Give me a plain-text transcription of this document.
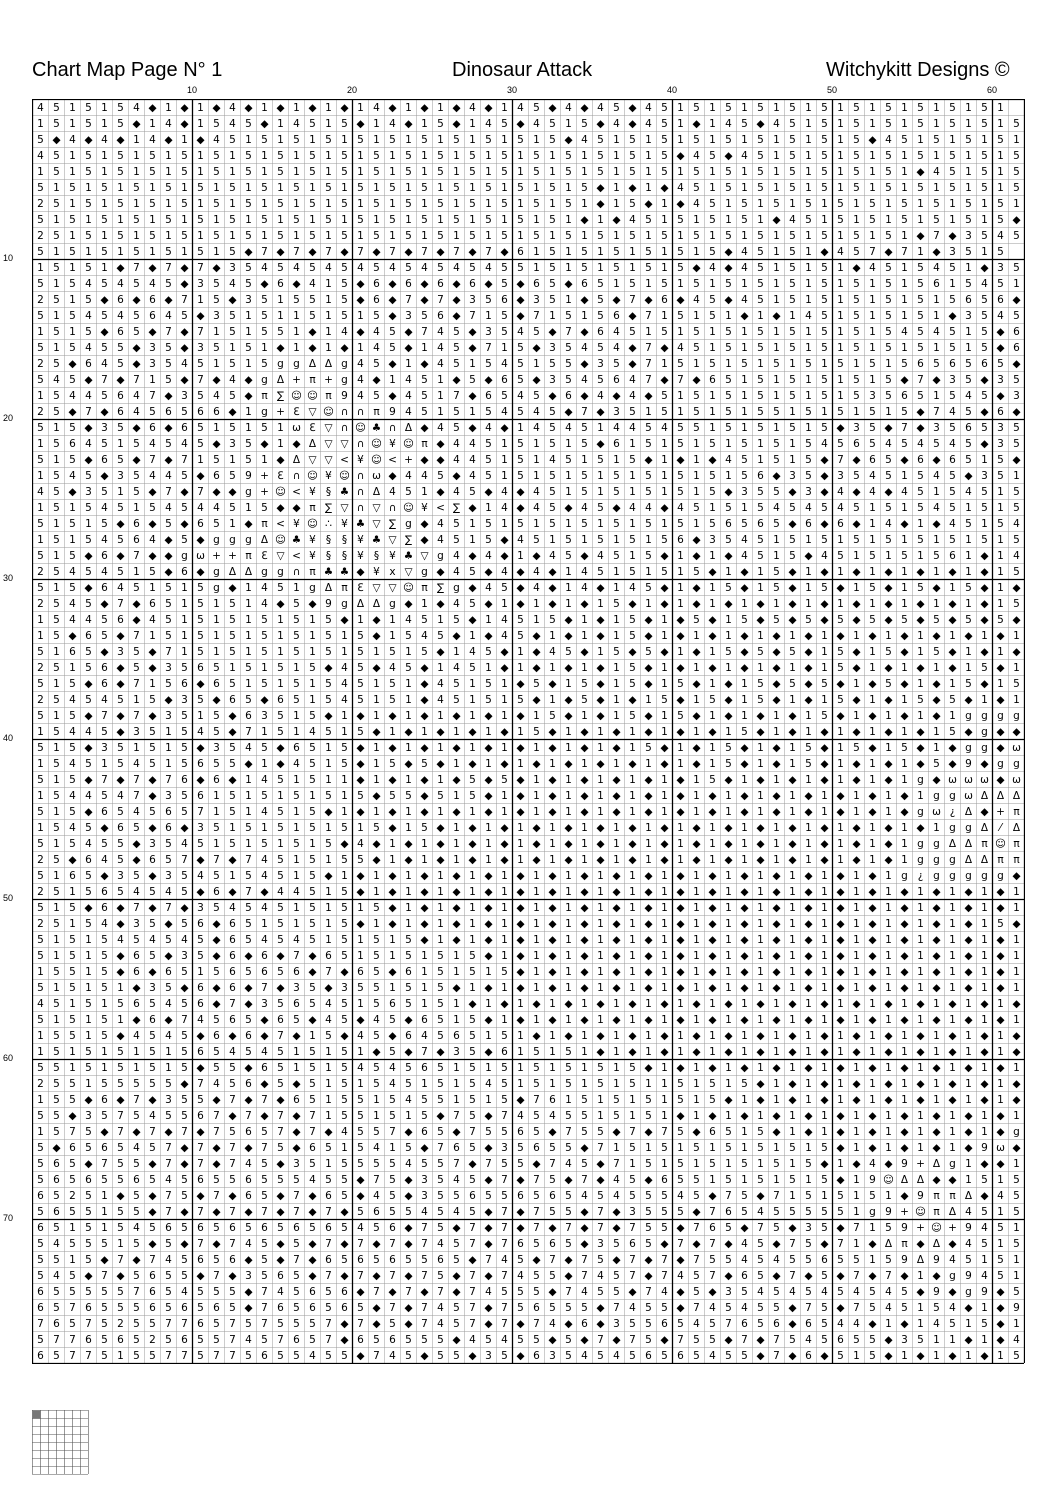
Chart Map Page N° 1	Dinosaur Attack	Witchykitt Designs ©
10	20	30	40	50	60
10
20
30
40
50
60
70
4 5 1 5 1 5 4 ◆ 1 ◆ 1 ◆ 4 ◆ 1 ◆ 1 ◆ 1 ◆ 1 4 ◆ 1 ◆ 1 ◆ 4 ◆ 1 4 5 ◆ 4 ◆ 4 5 ◆ 4 5 1 5 1 5 1 5 1 5 1 5 1 5 1 5 1 5 1 5 1 5 1
1 5 1 5 1 5 ◆ 1 4 ◆ 1 5 4 5 ◆ 1 4 5 1 5 ◆ 1 4 ◆ 1 5 ◆ 1 4 5 ◆ 4 5 1 5 ◆ 4 ◆ 4 5 1 ◆ 1 4 5 ◆ 4 5 1 5 1 5 1 5 1 5 1 5 1 5 1 5
5 ◆ 4 ◆ 4 ◆ 1 4 ◆ 1 ◆ 4 5 1 5 1 5 1 5 1 5 1 5 1 5 1 5 1 5 1 5 1 5 ◆ 4 5 1 5 1 5 1 5 1 5 1 5 1 5 1 5 1 5 ◆ 4 5 1 5 1 5 1 5 1
4 5 1 5 1 5 1 5 1 5 1 5 1 5 1 5 1 5 1 5 1 5 1 5 1 5 1 5 1 5 1 5 1 5 1 5 1 5 1 5 ◆ 4 5 ◆ 4 5 1 5 1 5 1 5 1 5 1 5 1 5 1 5 1 5
1 5 1 5 1 5 1 5 1 5 1 5 1 5 1 5 1 5 1 5 1 5 1 5 1 5 1 5 1 5 1 5 1 5 1 5 1 5 1 5 1 5 1 5 1 5 1 5 1 5 1 5 1 5 1 ◆ 4 5 1 5 1 5
5 1 5 1 5 1 5 1 5 1 5 1 5 1 5 1 5 1 5 1 5 1 5 1 5 1 5 1 5 1 5 1 5 1 5 ◆ 1 ◆ 1 ◆ 4 5 1 5 1 5 1 5 1 5 1 5 1 5 1 5 1 5 1 5 1 5
2 5 1 5 1 5 1 5 1 5 1 5 1 5 1 5 1 5 1 5 1 5 1 5 1 5 1 5 1 5 1 5 1 5 1 ◆ 1 5 ◆ 1 ◆ 4 5 1 5 1 5 1 5 1 5 1 5 1 5 1 5 1 5 1 5 1
5 1 5 1 5 1 5 1 5 1 5 1 5 1 5 1 5 1 5 1 5 1 5 1 5 1 5 1 5 1 5 1 5 1 ◆ 1 ◆ 4 5 1 5 1 5 1 5 1 ◆ 4 5 1 5 1 5 1 5 1 5 1 5 1 5 ◆
2 5 1 5 1 5 1 5 1 5 1 5 1 5 1 5 1 5 1 5 1 5 1 5 1 5 1 5 1 5 1 5 1 5 1 5 1 5 1 5 1 5 1 5 1 5 1 5 1 5 1 5 1 5 1 ◆ 7 ◆ 3 5 4 5
5 1 5 1 5 1 5 1 5 1 5 1 5 ◆ 7 ◆ 7 ◆ 7 ◆ 7 ◆ 7 ◆ 7 ◆ 7 ◆ 7 ◆ 6 1 5 1 5 1 5 1 5 1 5 1 5 ◆ 4 5 1 5 1 ◆ 4 5 7 ◆ 7 1 ◆ 3 5 1 5
1 5 1 5 1 ◆ 7 ◆ 7 ◆ 7 ◆ 3 5 4 5 4 5 4 5 4 5 4 5 4 5 4 5 4 5 5 1 5 1 5 1 5 1 5 1 5 ◆ 4 ◆ 4 5 1 5 1 5 1 ◆ 4 5 1 5 4 5 1 ◆ 3 5
5 1 5 4 5 4 5 4 5 ◆ 3 5 4 5 ◆ 6 ◆ 4 1 5 ◆ 6 ◆ 6 ◆ 6 ◆ 6 ◆ 5 ◆ 6 5 ◆ 6 5 1 5 1 5 1 5 1 5 1 5 1 5 1 5 1 5 1 5 1 5 6 1 5 4 5 1
2 5 1 5 ◆ 6 ◆ 6 ◆ 7 1 5 ◆ 3 5 1 5 5 1 5 ◆ 6 ◆ 7 ◆ 7 ◆ 3 5 6 ◆ 3 5 1 ◆ 5 ◆ 7 ◆ 6 ◆ 4 5 ◆ 4 5 1 5 1 5 1 5 1 5 1 5 1 5 6 5 6 ◆
5 1 5 4 5 4 5 6 4 5 ◆ 3 5 1 5 1 1 5 1 5 1 5 ◆ 3 5 6 ◆ 7 1 5 ◆ 7 1 5 1 5 6 ◆ 7 1 5 1 5 1 ◆ 1 ◆ 1 4 5 1 5 1 5 1 5 1 ◆ 3 5 4 5
1 5 1 5 ◆ 6 5 ◆ 7 ◆ 7 1 5 1 5 5 1 ◆ 1 4 ◆ 4 5 ◆ 7 4 5 ◆ 3 5 4 5 ◆ 7 ◆ 6 4 5 1 5 1 5 1 5 1 5 1 5 1 5 1 5 1 5 4 5 4 5 1 5 ◆ 6
5 1 5 4 5 5 ◆ 3 5 ◆ 3 5 1 5 1 ◆ 1 ◆ 1 ◆ 1 4 5 ◆ 1 4 5 ◆ 7 1 5 ◆ 3 5 4 5 4 ◆ 7 ◆ 4 5 1 5 1 5 1 5 1 5 1 5 1 5 1 5 1 5 1 5 ◆ 6
2 5 ◆ 6 4 5 ◆ 3 5 4 5 1 5 1 5 g g Δ Δ g 4 5 ◆ 1 ◆ 4 5 1 5 4 5 1 5 5 ◆ 3 5 ◆ 7 1 5 1 5 1 5 1 5 1 5 1 5 1 5 1 5 6 5 6 5 6 5 ◆
5 4 5 ◆ 7 ◆ 7 1 5 ◆ 7 ◆ 4 ◆ g Δ + π + g 4 ◆ 1 4 5 1 ◆ 5 ◆ 6 5 ◆ 3 5 4 5 6 4 7 ◆ 7 ◆ 6 5 1 5 1 5 1 5 1 5 1 5 ◆ 7 ◆ 3 5 ◆ 3 5
1 5 4 4 5 6 4 7 ◆ 3 5 4 5 ◆ π ∑ ☺ ☺ π 9 4 5 ◆ 4 5 1 7 ◆ 6 5 4 5 ◆ 6 ◆ 4 ◆ 4 ◆ 5 1 5 1 5 1 5 1 5 1 5 1 5 3 5 6 5 1 5 4 5 ◆ 3
2 5 ◆ 7 ◆ 6 4 5 6 5 6 6 ◆ 1 g + ℇ ▽ ☺ ∩ ∩ π 9 4 5 1 5 1 5 4 5 4 5 ◆ 7 ◆ 3 5 1 5 1 5 1 5 1 5 5 1 5 1 5 1 5 1 5 ◆ 7 4 5 ◆ 6 ◆
5 1 5 ◆ 3 5 ◆ 6 ◆ 6 5 1 5 1 5 1 ω ℇ ▽ ∩ ☺ ♣ ∩ Δ ◆ 4 5 ◆ 4 ◆ 1 4 5 4 5 1 4 4 5 4 5 5 1 5 1 5 1 5 1 5 ◆ 3 5 ◆ 7 ◆ 3 5 6 5 3 5
1 5 6 4 5 1 5 4 5 4 5 ◆ 3 5 ◆ 1 ◆ Δ ▽ ▽ ∩ ☺ ¥ ☺ π ◆ 4 4 5 1 5 1 5 1 5 ◆ 6 1 5 1 5 1 5 1 5 1 5 1 5 4 5 6 5 4 5 4 5 4 5 ◆ 3 5
5 1 5 ◆ 6 5 ◆ 7 ◆ 7 1 5 1 5 1 ◆ Δ ▽ ▽ < ¥ ☺ < + ◆ ◆ 4 4 5 1 5 1 4 5 1 5 1 5 ◆ 1 ◆ 1 ◆ 4 5 1 5 1 5 ◆ 7 ◆ 6 5 ◆ 6 ◆ 6 5 1 5 ◆
1 5 4 5 ◆ 3 5 4 4 5 ◆ 6 5 9 + ℇ ∩ ☺ ¥ ☺ ∩ ω ◆ 4 4 5 ◆ 4 5 1 5 1 5 1 5 1 5 1 5 1 5 1 5 1 5 6 ◆ 3 5 ◆ 3 5 4 5 1 5 4 5 ◆ 3 5 1
4 5 ◆ 3 5 1 5 ◆ 7 ◆ 7 ◆ ◆ g + ☺ < ¥ § ♣ ∩ Δ 4 5 1 ◆ 4 5 ◆ 4 ◆ 4 5 1 5 1 5 1 5 1 5 1 5 ◆ 3 5 5 ◆ 3 ◆ 4 ◆ 4 ◆ 4 5 1 5 4 5 1 5
1 5 1 5 4 5 1 5 4 5 4 4 5 1 5 ◆ ◆ π ∑ ▽ ∩ ▽ ∩ ☺ ¥ < ∑ ◆ 1 4 ◆ 4 5 ◆ 4 5 ◆ 4 4 ◆ 4 5 1 5 1 5 4 5 4 5 4 5 1 5 1 5 4 5 1 5 1 5
5 1 5 1 5 ◆ 6 ◆ 5 ◆ 6 5 1 ◆ π < ¥ ☺ ∴ ¥ ♣ ▽ ∑ g ◆ 4 5 1 5 1 5 1 5 1 5 1 5 1 5 1 5 1 5 6 5 6 5 ◆ 6 ◆ 6 ◆ 1 4 ◆ 1 ◆ 4 5 1 5 4
1 5 1 5 4 5 6 4 ◆ 5 ◆ g g g Δ ☺ ♣ ¥ § § ¥ ♣ ▽ ∑ ◆ 4 5 1 5 ◆ 4 5 1 5 1 5 1 5 1 5 6 ◆ 3 5 4 5 1 5 1 5 1 5 1 5 1 5 1 5 1 5 1 5
5 1 5 ◆ 6 ◆ 7 ◆ ◆ g ω + + π ℇ ▽ < ¥ § § ¥ § ¥ ♣ ▽ g 4 ◆ 4 ◆ 1 ◆ 4 5 ◆ 4 5 1 5 ◆ 1 ◆ 1 ◆ 4 5 1 5 ◆ 4 5 1 5 1 5 1 5 6 1 ◆ 1 4
2 5 4 5 4 5 1 5 ◆ 6 ◆ g Δ Δ g g ∩ π ♣ ♣ ◆ ¥ x ▽ g ◆ 4 5 ◆ 4 ◆ 4 ◆ 1 4 5 1 5 1 5 1 5 ◆ 1 ◆ 1 5 ◆ 1 ◆ 1 ◆ 1 ◆ 1 ◆ 1 ◆ 1 ◆ 1 5
5 1 5 ◆ 6 4 5 1 5 1 5 g ◆ 1 4 5 1 g Δ π ℇ ▽ ▽ ☺ π ∑ g ◆ 4 5 ◆ 4 ◆ 1 4 ◆ 1 4 5 ◆ 1 ◆ 1 5 ◆ 1 5 ◆ 1 5 ◆ 1 5 ◆ 1 5 ◆ 1 5 ◆ 1 ◆
2 5 4 5 ◆ 7 ◆ 6 5 1 5 1 5 1 4 ◆ 5 ◆ 9 g Δ Δ g ◆ 1 ◆ 4 5 ◆ 1 ◆ 1 ◆ 1 ◆ 1 5 ◆ 1 ◆ 1 ◆ 1 ◆ 1 ◆ 1 ◆ 1 ◆ 1 ◆ 1 ◆ 1 ◆ 1 ◆ 1 ◆ 1 5
1 5 4 4 5 6 ◆ 4 5 1 5 1 5 1 5 1 5 1 5 ◆ 1 ◆ 1 4 5 1 5 ◆ 1 4 5 1 5 ◆ 1 ◆ 1 5 ◆ 1 ◆ 5 ◆ 1 5 ◆ 5 ◆ 5 ◆ 5 ◆ 5 ◆ 5 ◆ 5 ◆ 5 ◆ 5 ◆
1 5 ◆ 6 5 ◆ 7 1 5 1 5 1 5 1 5 1 5 1 5 1 5 ◆ 1 5 4 5 ◆ 1 ◆ 4 5 ◆ 1 ◆ 1 ◆ 1 5 ◆ 1 ◆ 1 ◆ 1 ◆ 1 ◆ 1 ◆ 1 ◆ 1 ◆ 1 ◆ 1 ◆ 1 ◆ 1 ◆ 1
5 1 6 5 ◆ 3 5 ◆ 7 1 5 1 5 1 5 1 5 1 5 1 5 1 5 1 5 ◆ 1 4 5 ◆ 1 ◆ 4 5 ◆ 1 5 ◆ 5 ◆ 1 ◆ 1 5 ◆ 5 ◆ 5 ◆ 1 5 ◆ 1 5 ◆ 1 5 ◆ 1 ◆ 1 ◆
2 5 1 5 6 ◆ 5 ◆ 3 5 6 5 1 5 1 5 1 5 ◆ 4 5 ◆ 4 5 ◆ 1 4 5 1 ◆ 1 ◆ 1 ◆ 1 ◆ 1 5 ◆ 1 ◆ 1 ◆ 1 ◆ 1 ◆ 1 ◆ 1 5 ◆ 1 ◆ 1 ◆ 1 ◆ 1 5 ◆ 1
5 1 5 ◆ 6 ◆ 7 1 5 6 ◆ 6 5 1 5 1 5 1 5 4 5 1 5 1 ◆ 4 5 1 5 1 ◆ 5 ◆ 1 5 ◆ 1 5 ◆ 1 5 ◆ 1 ◆ 1 5 ◆ 5 ◆ 5 ◆ 1 ◆ 5 ◆ 1 ◆ 1 5 ◆ 1 5
2 5 4 5 4 5 1 5 ◆ 3 5 ◆ 6 5 ◆ 6 5 1 5 4 5 1 5 1 ◆ 4 5 1 5 1 5 ◆ 1 ◆ 5 ◆ 1 ◆ 1 5 ◆ 1 5 ◆ 1 5 ◆ 1 ◆ 1 5 ◆ 1 ◆ 1 5 ◆ 5 ◆ 1 ◆ 1
5 1 5 ◆ 7 ◆ 7 ◆ 3 5 1 5 ◆ 6 3 5 1 5 ◆ 1 ◆ 1 ◆ 1 ◆ 1 ◆ 1 ◆ 1 ◆ 1 5 ◆ 1 ◆ 1 5 ◆ 1 5 ◆ 1 ◆ 1 ◆ 1 ◆ 1 5 ◆ 1 ◆ 1 ◆ 1 ◆ 1 g g g g
1 5 4 4 5 ◆ 3 5 1 5 4 5 ◆ 7 1 5 1 4 5 1 5 ◆ 1 ◆ 1 ◆ 1 ◆ 1 ◆ 1 5 ◆ 1 ◆ 1 ◆ 1 ◆ 1 ◆ 1 ◆ 1 5 ◆ 1 ◆ 1 ◆ 1 ◆ 1 ◆ 1 ◆ 1 5 ◆ g ◆ ◆
5 1 5 ◆ 3 5 1 5 1 5 ◆ 3 5 4 5 ◆ 6 5 1 5 ◆ 1 ◆ 1 ◆ 1 ◆ 1 ◆ 1 ◆ 1 ◆ 1 ◆ 1 ◆ 1 5 ◆ 1 ◆ 1 5 ◆ 1 ◆ 1 5 ◆ 1 5 ◆ 1 5 ◆ 1 ◆ g g ◆ ω
1 5 4 5 1 5 4 5 1 5 6 5 5 ◆ 1 ◆ 4 5 1 5 ◆ 1 5 ◆ 5 ◆ 1 ◆ 1 ◆ 1 ◆ 1 ◆ 1 ◆ 1 ◆ 1 ◆ 1 ◆ 1 5 ◆ 1 ◆ 1 5 ◆ 1 ◆ 1 ◆ 1 ◆ 5 ◆ 9 ◆ g g
5 1 5 ◆ 7 ◆ 7 ◆ 7 6 ◆ 6 ◆ 1 4 5 1 5 1 1 ◆ 1 ◆ 1 ◆ 1 ◆ 5 ◆ 5 ◆ 1 ◆ 1 ◆ 1 ◆ 1 ◆ 1 ◆ 1 5 ◆ 1 ◆ 1 ◆ 1 ◆ 1 ◆ 1 ◆ 1 g ◆ ω ω ω ◆ ω
1 5 4 4 5 4 7 ◆ 3 5 6 1 5 1 5 1 5 1 5 1 5 ◆ 5 5 ◆ 5 1 5 ◆ 1 ◆ 1 ◆ 1 ◆ 1 ◆ 1 ◆ 1 ◆ 1 ◆ 1 ◆ 1 ◆ 1 ◆ 1 ◆ 1 ◆ 1 ◆ 1 g g ω Δ Δ Δ
5 1 5 ◆ 6 5 4 5 6 5 7 1 5 1 4 5 1 5 ◆ 1 ◆ 1 ◆ 1 ◆ 1 ◆ 1 ◆ 1 ◆ 1 ◆ 1 ◆ 1 ◆ 1 ◆ 1 ◆ 1 ◆ 1 ◆ 1 ◆ 1 ◆ 1 ◆ 1 ◆ 1 ◆ g ω ¿ Δ ◆ + π
1 5 4 5 ◆ 6 5 ◆ 6 ◆ 3 5 1 5 1 5 1 5 1 5 1 5 ◆ 1 5 ◆ 1 ◆ 1 ◆ 1 ◆ 1 ◆ 1 ◆ 1 ◆ 1 ◆ 1 ◆ 1 ◆ 1 ◆ 1 ◆ 1 ◆ 1 ◆ 1 ◆ 1 ◆ 1 g g Δ ⁄ Δ
5 1 5 4 5 5 ◆ 3 5 4 5 1 5 1 5 1 5 1 5 ◆ 4 ◆ 1 ◆ 1 ◆ 1 ◆ 1 ◆ 1 ◆ 1 ◆ 1 ◆ 1 ◆ 1 ◆ 1 ◆ 1 ◆ 1 ◆ 1 ◆ 1 ◆ 1 ◆ 1 ◆ 1 g g Δ Δ π ☺ π
2 5 ◆ 6 4 5 ◆ 6 5 7 ◆ 7 ◆ 7 4 5 1 5 1 5 5 ◆ 1 ◆ 1 ◆ 1 ◆ 1 ◆ 1 ◆ 1 ◆ 1 ◆ 1 ◆ 1 ◆ 1 ◆ 1 ◆ 1 ◆ 1 ◆ 1 ◆ 1 ◆ 1 ◆ 1 g g g Δ Δ π π
5 1 6 5 ◆ 3 5 ◆ 3 5 4 5 1 5 4 5 1 5 ◆ 1 ◆ 1 ◆ 1 ◆ 1 ◆ 1 ◆ 1 ◆ 1 ◆ 1 ◆ 1 ◆ 1 ◆ 1 ◆ 1 ◆ 1 ◆ 1 ◆ 1 ◆ 1 ◆ 1 ◆ 1 g ¿ g g g g g ◆
2 5 1 5 6 5 4 5 4 5 ◆ 6 ◆ 7 ◆ 4 4 5 1 5 ◆ 1 ◆ 1 ◆ 1 ◆ 1 ◆ 1 ◆ 1 ◆ 1 ◆ 1 ◆ 1 ◆ 1 ◆ 1 ◆ 1 ◆ 1 ◆ 1 ◆ 1 ◆ 1 ◆ 1 ◆ 1 ◆ 1 ◆ 1 ◆ 1
5 1 5 ◆ 6 ◆ 7 ◆ 7 ◆ 3 5 4 5 4 5 1 5 1 5 1 5 ◆ 1 ◆ 1 ◆ 1 ◆ 1 ◆ 1 ◆ 1 ◆ 1 ◆ 1 ◆ 1 ◆ 1 ◆ 1 ◆ 1 ◆ 1 ◆ 1 ◆ 1 ◆ 1 ◆ 1 ◆ 1 ◆ 1 ◆ 1
2 5 1 5 4 ◆ 3 5 ◆ 5 6 ◆ 6 5 1 5 1 5 1 5 ◆ 1 ◆ 1 ◆ 1 ◆ 1 ◆ 1 ◆ 1 ◆ 1 ◆ 1 ◆ 1 ◆ 1 ◆ 1 ◆ 1 ◆ 1 ◆ 1 ◆ 1 ◆ 1 ◆ 1 ◆ 1 ◆ 1 ◆ 1 5 ◆
5 1 5 1 5 4 5 4 5 4 5 ◆ 6 5 4 5 4 5 1 5 1 5 1 5 ◆ 1 ◆ 1 ◆ 1 ◆ 1 ◆ 1 ◆ 1 ◆ 1 ◆ 1 ◆ 1 ◆ 1 ◆ 1 ◆ 1 ◆ 1 ◆ 1 ◆ 1 ◆ 1 ◆ 1 ◆ 1 ◆ 1
5 1 5 1 5 ◆ 6 5 ◆ 3 5 ◆ 6 ◆ 6 ◆ 7 ◆ 6 5 1 5 1 5 1 5 1 5 ◆ 1 ◆ 1 ◆ 1 ◆ 1 ◆ 1 ◆ 1 ◆ 1 ◆ 1 ◆ 1 ◆ 1 ◆ 1 ◆ 1 ◆ 1 ◆ 1 ◆ 1 ◆ 1 ◆ 1
1 5 5 1 5 ◆ 6 ◆ 6 5 1 5 6 5 6 5 6 ◆ 7 ◆ 6 5 ◆ 6 1 5 1 5 1 5 ◆ 1 ◆ 1 ◆ 1 ◆ 1 ◆ 1 ◆ 1 ◆ 1 ◆ 1 ◆ 1 ◆ 1 ◆ 1 ◆ 1 ◆ 1 ◆ 1 ◆ 1 ◆ 1
5 1 5 1 5 1 ◆ 3 5 ◆ 6 ◆ 6 ◆ 7 ◆ 3 5 ◆ 3 5 5 1 5 1 5 ◆ 1 ◆ 1 ◆ 1 ◆ 1 ◆ 1 ◆ 1 ◆ 1 ◆ 1 ◆ 1 ◆ 1 ◆ 1 ◆ 1 ◆ 1 ◆ 1 ◆ 1 ◆ 1 ◆ 1 ◆ 1
4 5 1 5 1 5 6 5 4 5 6 ◆ 7 ◆ 3 5 6 5 4 5 1 5 6 5 1 5 1 ◆ 1 ◆ 1 ◆ 1 ◆ 1 ◆ 1 ◆ 1 ◆ 1 ◆ 1 ◆ 1 ◆ 1 ◆ 1 ◆ 1 ◆ 1 ◆ 1 ◆ 1 ◆ 1 ◆ 1 ◆
5 1 5 1 5 1 ◆ 6 ◆ 7 4 5 6 5 ◆ 6 5 ◆ 4 5 ◆ 4 5 ◆ 6 5 1 5 ◆ 1 ◆ 1 ◆ 1 ◆ 1 ◆ 1 ◆ 1 ◆ 1 ◆ 1 ◆ 1 ◆ 1 ◆ 1 ◆ 1 ◆ 1 ◆ 1 ◆ 1 ◆ 1 ◆ 1
1 5 5 1 5 ◆ 4 5 4 5 ◆ 6 ◆ 6 ◆ 7 ◆ 1 5 ◆ 4 5 ◆ 6 4 5 6 5 1 5 1 ◆ 1 ◆ 1 ◆ 1 ◆ 1 ◆ 1 ◆ 1 ◆ 1 ◆ 1 ◆ 1 ◆ 1 ◆ 1 ◆ 1 ◆ 1 ◆ 1 ◆ 1 ◆
1 5 1 5 1 5 1 5 1 5 6 5 4 5 4 5 1 5 1 5 1 ◆ 5 ◆ 7 ◆ 3 5 ◆ 6 1 5 1 5 1 ◆ 1 ◆ 1 ◆ 1 ◆ 1 ◆ 1 ◆ 1 ◆ 1 ◆ 1 ◆ 1 ◆ 1 ◆ 1 ◆ 1 ◆ 1 ◆
5 5 1 5 1 5 1 5 1 5 ◆ 5 5 ◆ 6 5 1 5 1 5 4 5 4 5 6 5 1 5 1 5 1 5 1 5 1 5 1 5 ◆ 1 ◆ 1 ◆ 1 ◆ 1 ◆ 1 ◆ 1 ◆ 1 ◆ 1 ◆ 1 ◆ 1 ◆ 1 ◆ 1
2 5 5 1 5 5 5 5 5 ◆ 7 4 5 6 ◆ 5 ◆ 5 1 5 1 5 4 5 1 5 1 5 4 5 1 5 1 5 1 5 1 5 1 1 5 1 5 1 5 ◆ 1 ◆ 1 ◆ 1 ◆ 1 ◆ 1 ◆ 1 ◆ 1 ◆ 1 ◆
1 5 5 ◆ 6 ◆ 7 ◆ 3 5 5 ◆ 7 ◆ 7 ◆ 6 5 1 5 5 1 5 4 5 5 1 5 1 5 ◆ 7 6 1 5 1 5 1 5 1 5 1 5 ◆ 1 ◆ 1 ◆ 1 ◆ 1 ◆ 1 ◆ 1 ◆ 1 ◆ 1 ◆ 1 ◆
5 5 ◆ 3 5 7 5 4 5 5 6 7 ◆ 7 ◆ 7 ◆ 7 1 5 5 1 5 1 5 ◆ 7 5 ◆ 7 4 5 4 5 5 1 5 1 5 1 ◆ 1 ◆ 1 ◆ 1 ◆ 1 ◆ 1 ◆ 1 ◆ 1 ◆ 1 ◆ 1 ◆ 1 ◆ 1
1 5 7 5 ◆ 7 ◆ 7 ◆ 7 ◆ 7 5 6 5 7 ◆ 7 ◆ 4 5 5 7 ◆ 6 5 ◆ 7 5 5 6 5 ◆ 7 5 5 ◆ 7 ◆ 7 5 ◆ 6 5 1 5 ◆ 1 ◆ 1 ◆ 1 ◆ 1 ◆ 1 ◆ 1 ◆ 1 ◆ g
5 ◆ 6 5 6 5 4 5 7 ◆ 7 ◆ 7 ◆ 7 5 ◆ 6 5 1 5 4 1 5 ◆ 7 6 5 ◆ 3 5 6 5 5 ◆ 7 1 5 1 5 1 5 1 5 1 5 1 5 1 5 ◆ 1 ◆ 1 ◆ 1 ◆ 1 ◆ 9 ω ◆
5 6 5 ◆ 7 5 5 ◆ 7 ◆ 7 ◆ 7 4 5 ◆ 3 5 1 5 5 5 5 4 5 5 7 ◆ 7 5 5 ◆ 7 4 5 ◆ 7 1 5 1 5 1 5 1 5 1 5 1 5 ◆ 1 ◆ 4 ◆ 9 + Δ g 1 ◆ ◆ 1
5 6 5 6 5 5 6 5 4 5 6 5 5 6 5 5 5 4 5 5 ◆ 7 5 ◆ 3 5 4 5 ◆ 7 ◆ 7 5 ◆ 7 ◆ 4 5 ◆ 6 5 5 1 5 1 5 1 5 1 5 ◆ 1 9 ☺ Δ Δ ◆ ◆ 1 5 1 5
6 5 2 5 1 ◆ 5 ◆ 7 5 ◆ 7 ◆ 6 5 ◆ 7 ◆ 6 5 ◆ 4 5 ◆ 3 5 5 6 5 5 6 5 6 5 4 5 4 5 5 5 4 5 ◆ 7 5 ◆ 7 1 5 1 5 1 5 1 ◆ 9 π π Δ ◆ 4 5
5 6 5 5 1 5 5 ◆ 7 ◆ 7 ◆ 7 ◆ 7 ◆ 7 ◆ 7 ◆ 5 6 5 5 4 5 4 5 ◆ 7 ◆ 7 5 5 ◆ 7 ◆ 3 5 5 5 ◆ 7 6 5 4 5 5 5 5 5 1 g 9 + ☺ π Δ 4 5 1 5
6 5 1 5 1 5 4 5 6 5 6 5 6 5 6 5 6 5 6 5 4 5 6 ◆ 7 5 ◆ 7 ◆ 7 ◆ 7 ◆ 7 ◆ 7 ◆ 7 5 5 ◆ 7 6 5 ◆ 7 5 ◆ 3 5 ◆ 7 1 5 9 + ☺ + 9 4 5 1
5 4 5 5 5 1 5 ◆ 5 ◆ 7 ◆ 7 4 5 ◆ 5 ◆ 7 ◆ 7 ◆ 7 ◆ 7 4 5 7 ◆ 7 6 5 6 5 ◆ 3 5 6 5 ◆ 7 ◆ 7 ◆ 4 5 ◆ 7 5 ◆ 7 1 ◆ Δ π ◆ Δ ◆ 4 5 1 5
5 5 1 5 ◆ 7 ◆ 7 4 5 6 5 6 ◆ 5 ◆ 7 ◆ 6 5 6 5 6 5 5 6 5 ◆ 7 4 5 ◆ 7 ◆ 7 5 ◆ 7 ◆ 7 ◆ 7 5 5 4 5 4 5 5 6 5 5 1 5 9 Δ 9 4 5 1 5 1
5 4 5 ◆ 7 ◆ 5 6 5 5 ◆ 7 ◆ 3 5 6 5 ◆ 7 ◆ 7 ◆ 7 ◆ 7 5 ◆ 7 ◆ 7 4 5 5 ◆ 7 4 5 7 ◆ 7 4 5 7 ◆ 6 5 ◆ 7 ◆ 5 ◆ 7 ◆ 7 ◆ 1 ◆ g 9 4 5 1
6 5 5 5 5 5 7 6 5 4 5 5 5 ◆ 7 4 5 6 5 6 ◆ 7 ◆ 7 ◆ 7 ◆ 7 4 5 5 5 ◆ 7 4 5 5 ◆ 7 4 ◆ 5 ◆ 3 5 4 5 4 5 4 5 4 5 4 5 ◆ 9 ◆ g 9 ◆ 5
6 5 7 6 5 5 5 6 5 6 5 6 5 ◆ 7 6 5 6 5 6 5 ◆ 7 ◆ 7 4 5 7 ◆ 7 5 6 5 5 5 ◆ 7 4 5 5 ◆ 7 4 5 4 5 5 ◆ 7 5 ◆ 7 5 4 5 1 5 4 ◆ 1 ◆ 9
7 6 5 7 5 2 5 5 7 7 6 5 7 5 7 5 5 5 7 ◆ 7 ◆ 5 ◆ 7 4 5 7 ◆ 7 ◆ 7 4 ◆ 6 ◆ 3 5 5 6 5 4 5 7 6 5 6 ◆ 6 5 4 4 ◆ 1 ◆ 1 4 5 1 5 ◆ 1
5 7 7 6 5 6 5 2 5 6 5 5 7 4 5 7 6 5 7 ◆ 6 5 6 5 5 5 ◆ 4 5 4 5 5 ◆ 5 ◆ 7 ◆ 7 5 ◆ 7 5 5 ◆ 7 ◆ 7 5 4 5 6 5 5 ◆ 3 5 1 1 ◆ 1 ◆ 4
6 5 7 7 5 1 5 5 7 7 5 7 7 5 6 5 5 4 5 5 ◆ 7 4 5 ◆ 5 5 ◆ 3 5 ◆ 6 3 5 4 5 4 5 6 5 6 5 4 5 5 ◆ 7 ◆ 6 ◆ 5 1 5 ◆ 1 ◆ 1 ◆ 1 ◆ 1 5
